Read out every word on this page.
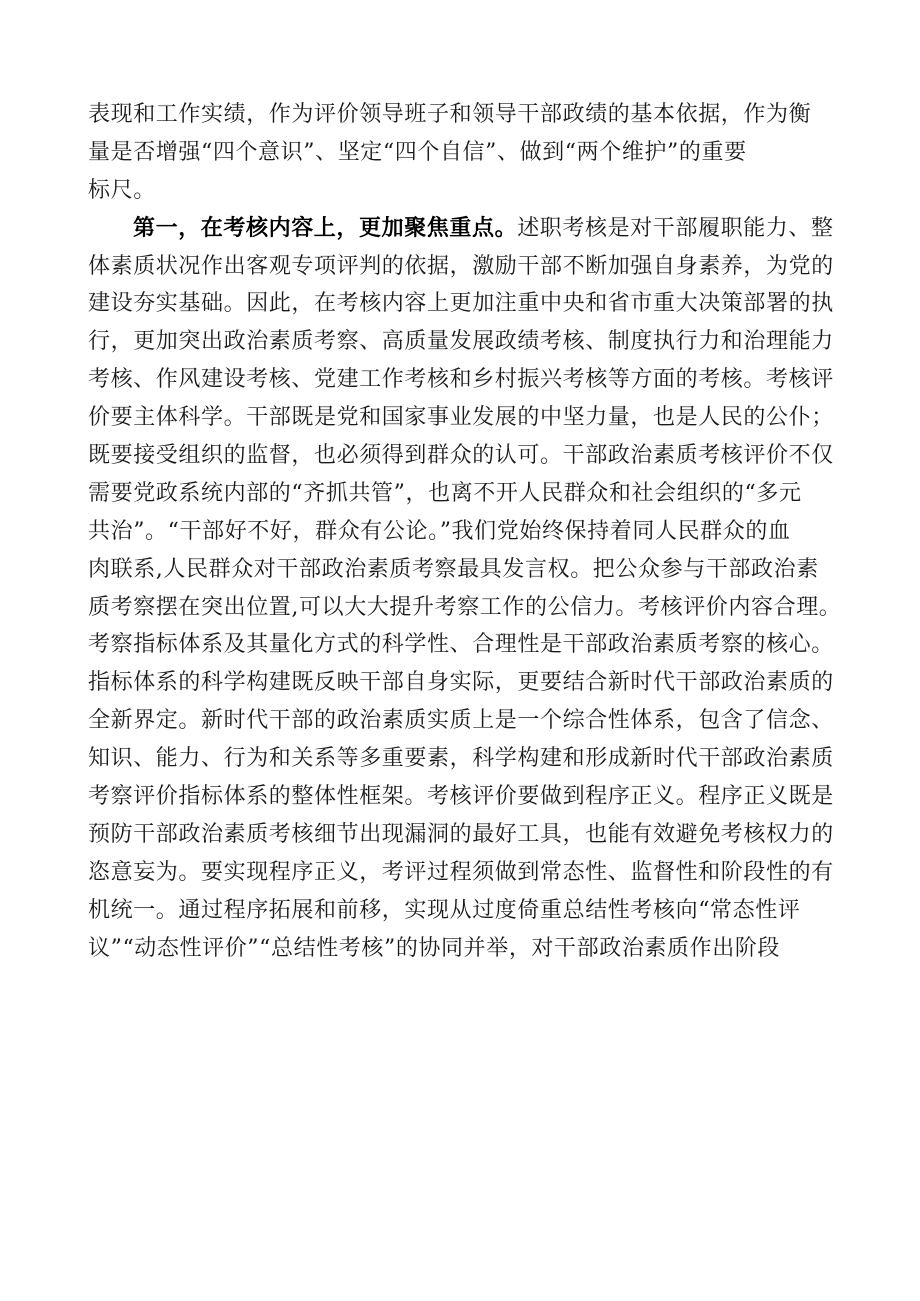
表现和工作实绩，作为评价领导班子和领导干部政绩的基本依据，作为衡
量是否增强“四个意识”、坚定“四个自信”、做到“两个维护”的重要
标尺。
第一，在考核内容上，更加聚焦重点。述职考核是对干部履职能力、整
体素质状况作出客观专项评判的依据，激励干部不断加强自身素养，为党的
建设夯实基础。因此，在考核内容上更加注重中央和省市重大决策部署的执
行，更加突出政治素质考察、高质量发展政绩考核、制度执行力和治理能力
考核、作风建设考核、党建工作考核和乡村振兴考核等方面的考核。考核评
价要主体科学。干部既是党和国家事业发展的中坚力量，也是人民的公仆；
既要接受组织的监督，也必须得到群众的认可。干部政治素质考核评价不仅
需要党政系统内部的“齐抓共管”，也离不开人民群众和社会组织的“多元
共治”。“干部好不好，群众有公论。”我们党始终保持着同人民群众的血
肉联系,人民群众对干部政治素质考察最具发言权。把公众参与干部政治素
质考察摆在突出位置,可以大大提升考察工作的公信力。考核评价内容合理。
考察指标体系及其量化方式的科学性、合理性是干部政治素质考察的核心。
指标体系的科学构建既反映干部自身实际，更要结合新时代干部政治素质的
全新界定。新时代干部的政治素质实质上是一个综合性体系，包含了信念、
知识、能力、行为和关系等多重要素，科学构建和形成新时代干部政治素质
考察评价指标体系的整体性框架。考核评价要做到程序正义。程序正义既是
预防干部政治素质考核细节出现漏洞的最好工具，也能有效避免考核权力的
恣意妄为。要实现程序正义，考评过程须做到常态性、监督性和阶段性的有
机统一。通过程序拓展和前移，实现从过度倚重总结性考核向“常态性评
议”“动态性评价”“总结性考核”的协同并举，对干部政治素质作出阶段
